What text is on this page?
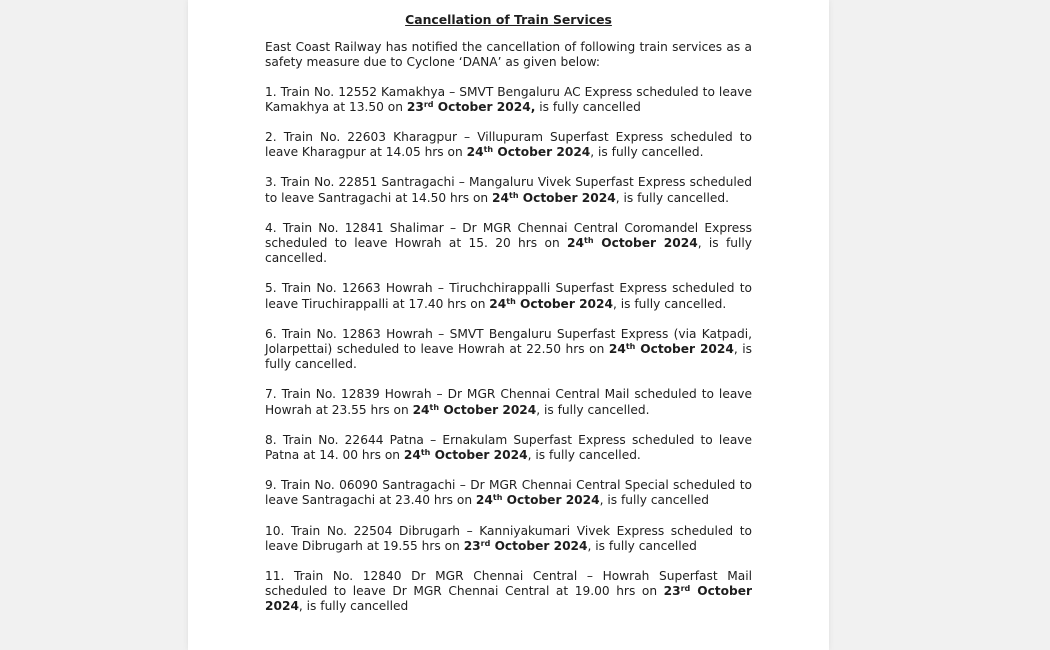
Cancellation of Train Services

East Coast Railway has notified the cancellation of following train services as a safety measure due to Cyclone ‘DANA’ as given below:

1. Train No. 12552 Kamakhya – SMVT Bengaluru AC Express scheduled to leave Kamakhya at 13.50 on 23rd October 2024, is fully cancelled

2. Train No. 22603 Kharagpur – Villupuram Superfast Express scheduled to leave Kharagpur at 14.05 hrs on 24th October 2024, is fully cancelled.

3. Train No. 22851 Santragachi – Mangaluru Vivek Superfast Express scheduled to leave Santragachi at 14.50 hrs on 24th October 2024, is fully cancelled.

4. Train No. 12841 Shalimar – Dr MGR Chennai Central Coromandel Express scheduled to leave Howrah at 15. 20 hrs on 24th October 2024, is fully cancelled.

5. Train No. 12663 Howrah – Tiruchchirappalli Superfast Express scheduled to leave Tiruchirappalli at 17.40 hrs on 24th October 2024, is fully cancelled.

6. Train No. 12863 Howrah – SMVT Bengaluru Superfast Express (via Katpadi, Jolarpettai) scheduled to leave Howrah at 22.50 hrs on 24th October 2024, is fully cancelled.

7. Train No. 12839 Howrah – Dr MGR Chennai Central Mail scheduled to leave Howrah at 23.55 hrs on 24th October 2024, is fully cancelled.

8. Train No. 22644 Patna – Ernakulam Superfast Express scheduled to leave Patna at 14. 00 hrs on 24th October 2024, is fully cancelled.

9. Train No. 06090 Santragachi – Dr MGR Chennai Central Special scheduled to leave Santragachi at 23.40 hrs on 24th October 2024, is fully cancelled

10. Train No. 22504 Dibrugarh – Kanniyakumari Vivek Express scheduled to leave Dibrugarh at 19.55 hrs on 23rd October 2024, is fully cancelled

11. Train No. 12840 Dr MGR Chennai Central – Howrah Superfast Mail scheduled to leave Dr MGR Chennai Central at 19.00 hrs on 23rd October 2024, is fully cancelled
